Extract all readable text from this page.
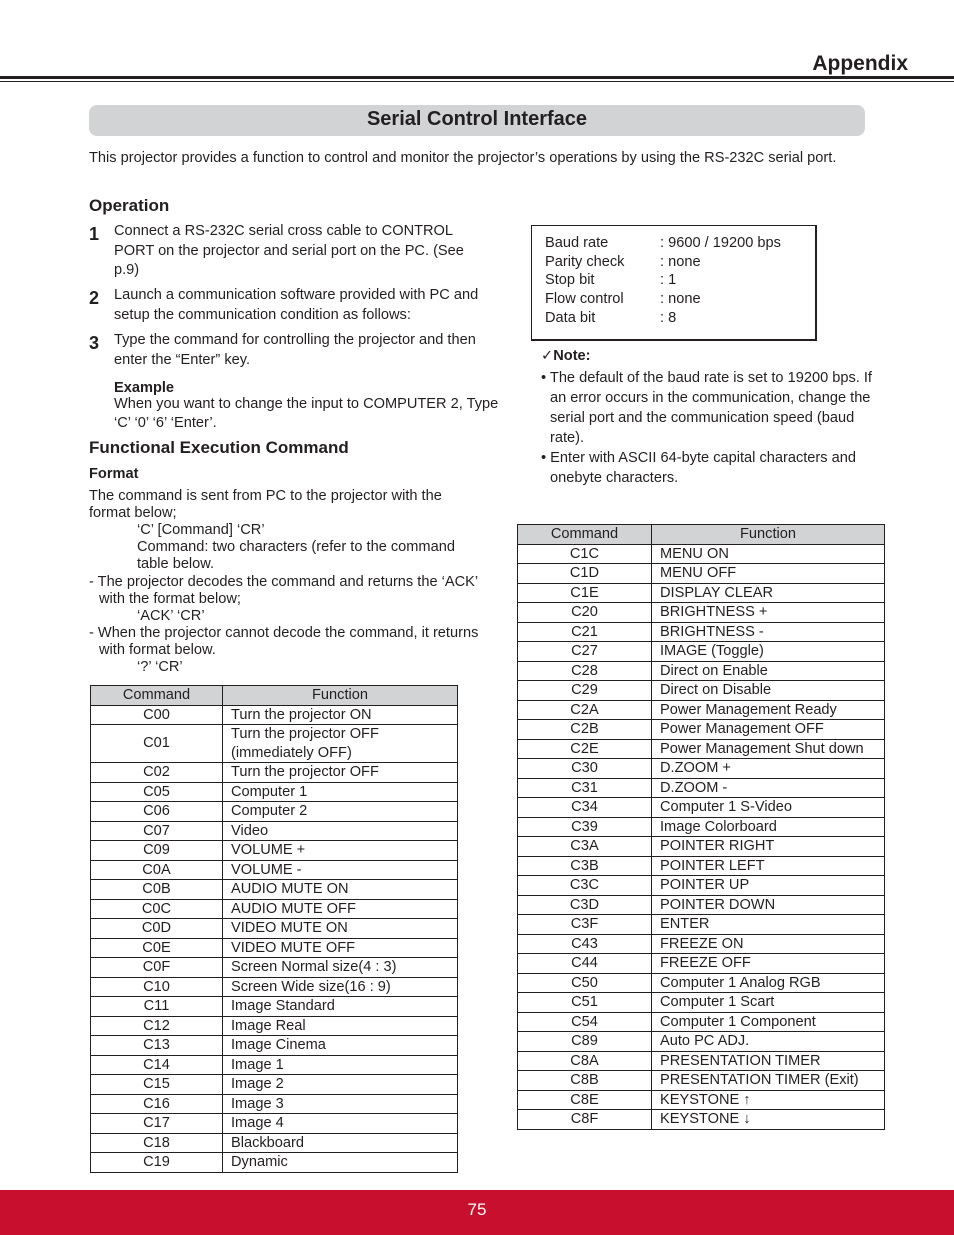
Appendix
Serial Control Interface
This projector provides a function to control and monitor the projector’s operations by using the RS-232C serial port.
Operation
1 Connect a RS-232C serial cross cable to CONTROL PORT on the projector and serial port on the PC. (See p.9)
2 Launch a communication software provided with PC and setup the communication condition as follows:
3 Type the command for controlling the projector and then enter the “Enter” key.
Example
When you want to change the input to COMPUTER 2, Type ‘C’ ‘0’ ‘6’ ‘Enter’.
Baud rate	: 9600 / 19200 bps
Parity check : none
Stop bit	: 1
Flow control : none
Data bit	: 8
✓Note:
• The default of the baud rate is set to 19200 bps. If an error occurs in the communication, change the serial port and the communication speed (baud rate).
• Enter with ASCII 64-byte capital characters and onebyte characters.
Functional Execution Command
Format
The command is sent from PC to the projector with the format below;
‘C’ [Command] ‘CR’
Command: two characters (refer to the command table below.
- The projector decodes the command and returns the ‘ACK’ with the format below;
‘ACK’ ‘CR’
- When the projector cannot decode the command, it returns with format below.
‘?’ ‘CR’
Command	Function
C00	Turn the projector ON
C01	Turn the projector OFF (immediately OFF)
C02	Turn the projector OFF
C05	Computer 1
C06	Computer 2
C07	Video
C09	VOLUME +
C0A	VOLUME -
C0B	AUDIO MUTE ON
C0C	AUDIO MUTE OFF
C0D	VIDEO MUTE ON
C0E	VIDEO MUTE OFF
C0F	Screen Normal size(4 : 3)
C10	Screen Wide size(16 : 9)
C11	Image Standard
C12	Image Real
C13	Image Cinema
C14	Image 1
C15	Image 2
C16	Image 3
C17	Image 4
C18	Blackboard
C19	Dynamic
Command	Function
C1C	MENU ON
C1D	MENU OFF
C1E	DISPLAY CLEAR
C20	BRIGHTNESS +
C21	BRIGHTNESS -
C27	IMAGE (Toggle)
C28	Direct on Enable
C29	Direct on Disable
C2A	Power Management Ready
C2B	Power Management OFF
C2E	Power Management Shut down
C30	D.ZOOM +
C31	D.ZOOM -
C34	Computer 1 S-Video
C39	Image Colorboard
C3A	POINTER RIGHT
C3B	POINTER LEFT
C3C	POINTER UP
C3D	POINTER DOWN
C3F	ENTER
C43	FREEZE ON
C44	FREEZE OFF
C50	Computer 1 Analog RGB
C51	Computer 1 Scart
C54	Computer 1 Component
C89	Auto PC ADJ.
C8A	PRESENTATION TIMER
C8B	PRESENTATION TIMER (Exit)
C8E	KEYSTONE ↑
C8F	KEYSTONE ↓
75
